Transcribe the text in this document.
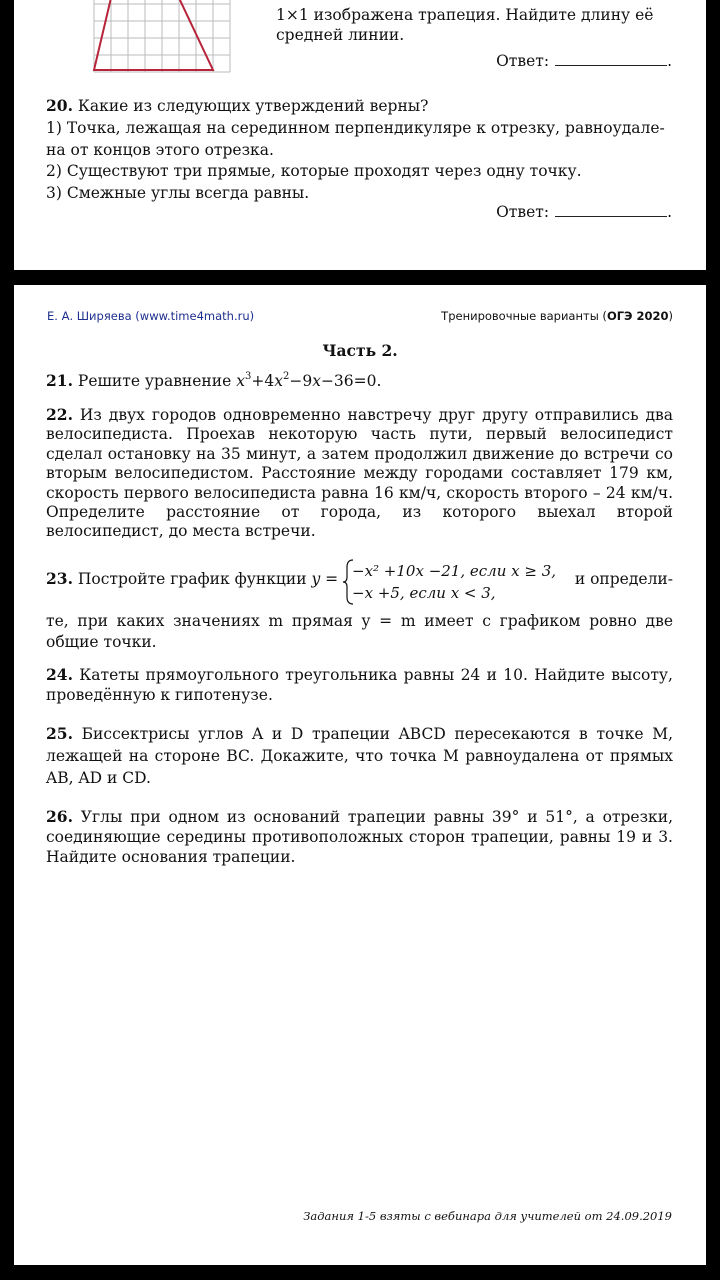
1×1 изображена трапеция. Найдите длину её
средней линии.
Ответ:	.
20. Какие из следующих утверждений верны?
1) Точка, лежащая на серединном перпендикуляре к отрезку, равноудале-
на от концов этого отрезка.
2) Существуют три прямые, которые проходят через одну точку.
3) Смежные углы всегда равны.
Ответ:	.
Е. А. Ширяева (www.time4math.ru)	Тренировочные варианты (ОГЭ 2020)
Часть 2.
21. Решите уравнение $x^3+4x^2-9x-36=0$.
22. Из двух городов одновременно навстречу друг другу отправились два велосипедиста. Проехав некоторую часть пути, первый велосипедист сделал остановку на 35 минут, а затем продолжил движение до встречи со вторым велосипедистом. Расстояние между городами составляет 179 км, скорость первого велосипедиста равна 16 км/ч, скорость второго – 24 км/ч. Определите расстояние от города, из которого выехал второй велосипедист, до места встречи.
23. Постройте график функции y = −x² +10x −21, если x ≥ 3,
−x +5, если x < 3,
и определи-
те, при каких значениях m прямая y = m имеет с графиком ровно две общие точки.
24. Катеты прямоугольного треугольника равны 24 и 10. Найдите высоту, проведённую к гипотенузе.
25. Биссектрисы углов A и D трапеции ABCD пересекаются в точке M, лежащей на стороне BC. Докажите, что точка M равноудалена от прямых AB, AD и CD.
26. Углы при одном из оснований трапеции равны 39° и 51°, а отрезки, соединяющие середины противоположных сторон трапеции, равны 19 и 3. Найдите основания трапеции.
Задания 1-5 взяты с вебинара для учителей от 24.09.2019
